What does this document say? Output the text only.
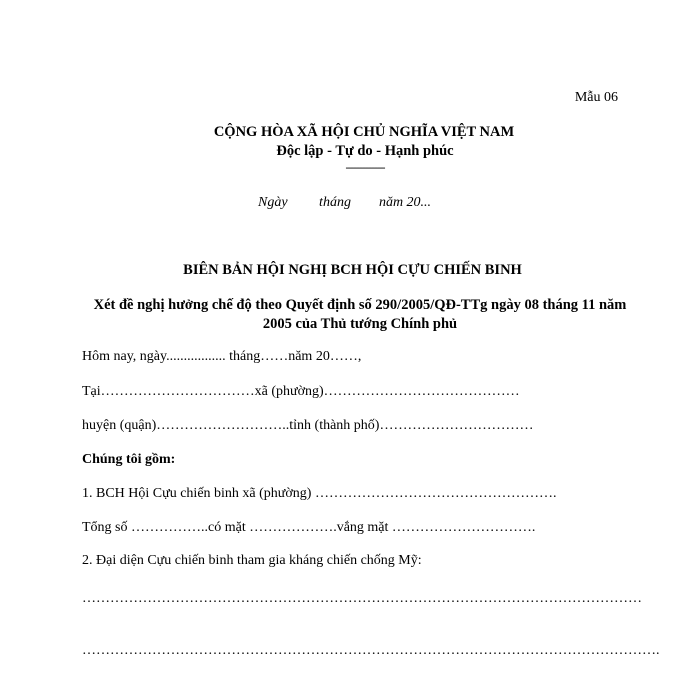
Mẫu 06
CỘNG HÒA XÃ HỘI CHỦ NGHĨA VIỆT NAM
Độc lập - Tự do - Hạnh phúc
-------------
Ngày         tháng        năm 20...
BIÊN BẢN HỘI NGHỊ BCH HỘI CỰU CHIẾN BINH
Xét đề nghị hưởng chế độ theo Quyết định số 290/2005/QĐ-TTg ngày 08 tháng 11 năm 2005 của Thủ tướng Chính phủ
Hôm nay, ngày................. tháng……năm 20……,
Tại……………………………xã (phường)……………………………………
huyện (quận)………………………..tỉnh (thành phố)……………………………
Chúng tôi gồm:
1. BCH Hội Cựu chiến binh xã (phường) …………………………………………….
Tổng số ……………..có mặt ……………….vắng mặt ………………………….
2. Đại diện Cựu chiến binh tham gia kháng chiến chống Mỹ:
…………………………………………………………………………………………………………
…………………………………………………………………………………………………………….
